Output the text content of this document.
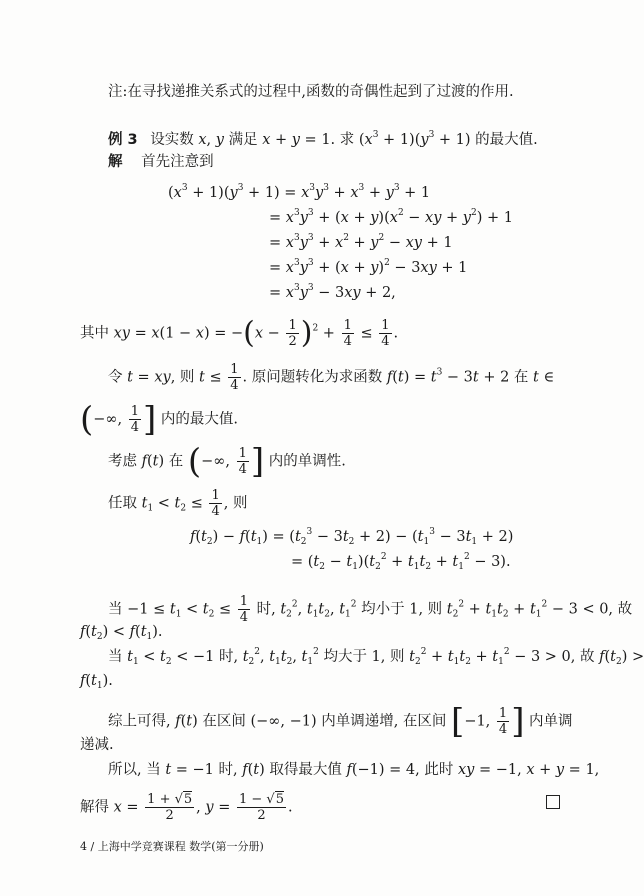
注:在寻找递推关系式的过程中,函数的奇偶性起到了过渡的作用.
例 3 设实数 x, y 满足 x + y = 1. 求 $(x^3 + 1)(y^3 + 1)$ 的最大值.
解 首先注意到
$(x^3 + 1)(y^3 + 1) = x^3y^3 + x^3 + y^3 + 1$
= $x^3y^3 + (x + y)(x^2$ − xy + $y^2) + 1$
= $x^3y^3 + x^2 + y^2$ − xy + 1
= $x^3y^3 + (x + y)^2 - 3xy + 1$
= $x^3y^3 - 3xy + 2$,
其中 xy = $x(1 - x) = -(x - \frac{1}{2} )^2 + \frac{1}{4} \le \frac{1}{4}$ .
令 t = xy, 则 $t \le \frac{1}{4}$ . 原问题转化为求函数 $f(t) = t^3 - 3t + 2$ 在 t ∈
(−∞, $\frac{1}{4}$ ] 内的最大值.
考虑 f(t) 在 (−∞, $\frac{1}{4}$ ] 内的单调性.
任取 $t_1 < t_2 \le \frac{1}{4}$ , 则
$f(t_2) - f(t_1) = (t_2^3 - 3t_2 + 2) - (t_1^3 - 3t_1 + 2)$
= $(t_2 - t_1)(t_2^2 + t_1t_2 + t_1^2 - 3)$.
当 $-1 \le t_1 < t_2 \le \frac{1}{4}$ 时, $t_2^2$, $t_1t_2$, $t_1^2$ 均小于 1, 则 $t_2^2 + t_1t_2 + t_1^2 - 3 < 0$, 故
$f(t_2) < f(t_1)$.
当 $t_1 < t_2 < -1$ 时, $t_2^2$, $t_1t_2$, $t_1^2$ 均大于 1, 则 $t_2^2 + t_1t_2 + t_1^2 - 3 > 0$, 故 $f(t_2)$ >
$f(t_1)$.
综上可得, f(t) 在区间 (−∞, −1) 内单调递增, 在区间 [−1, $\frac{1}{4}$ ] 内单调
递减.
所以, 当 t = −1 时, f(t) 取得最大值 f(−1) = 4, 此时 xy = −1, x + y = 1,
解得 $x = \frac{1 + √5}{2}$ , $y = \frac{1 - √5}{2}$ .
4 / 上海中学竞赛课程 数学(第一分册)
